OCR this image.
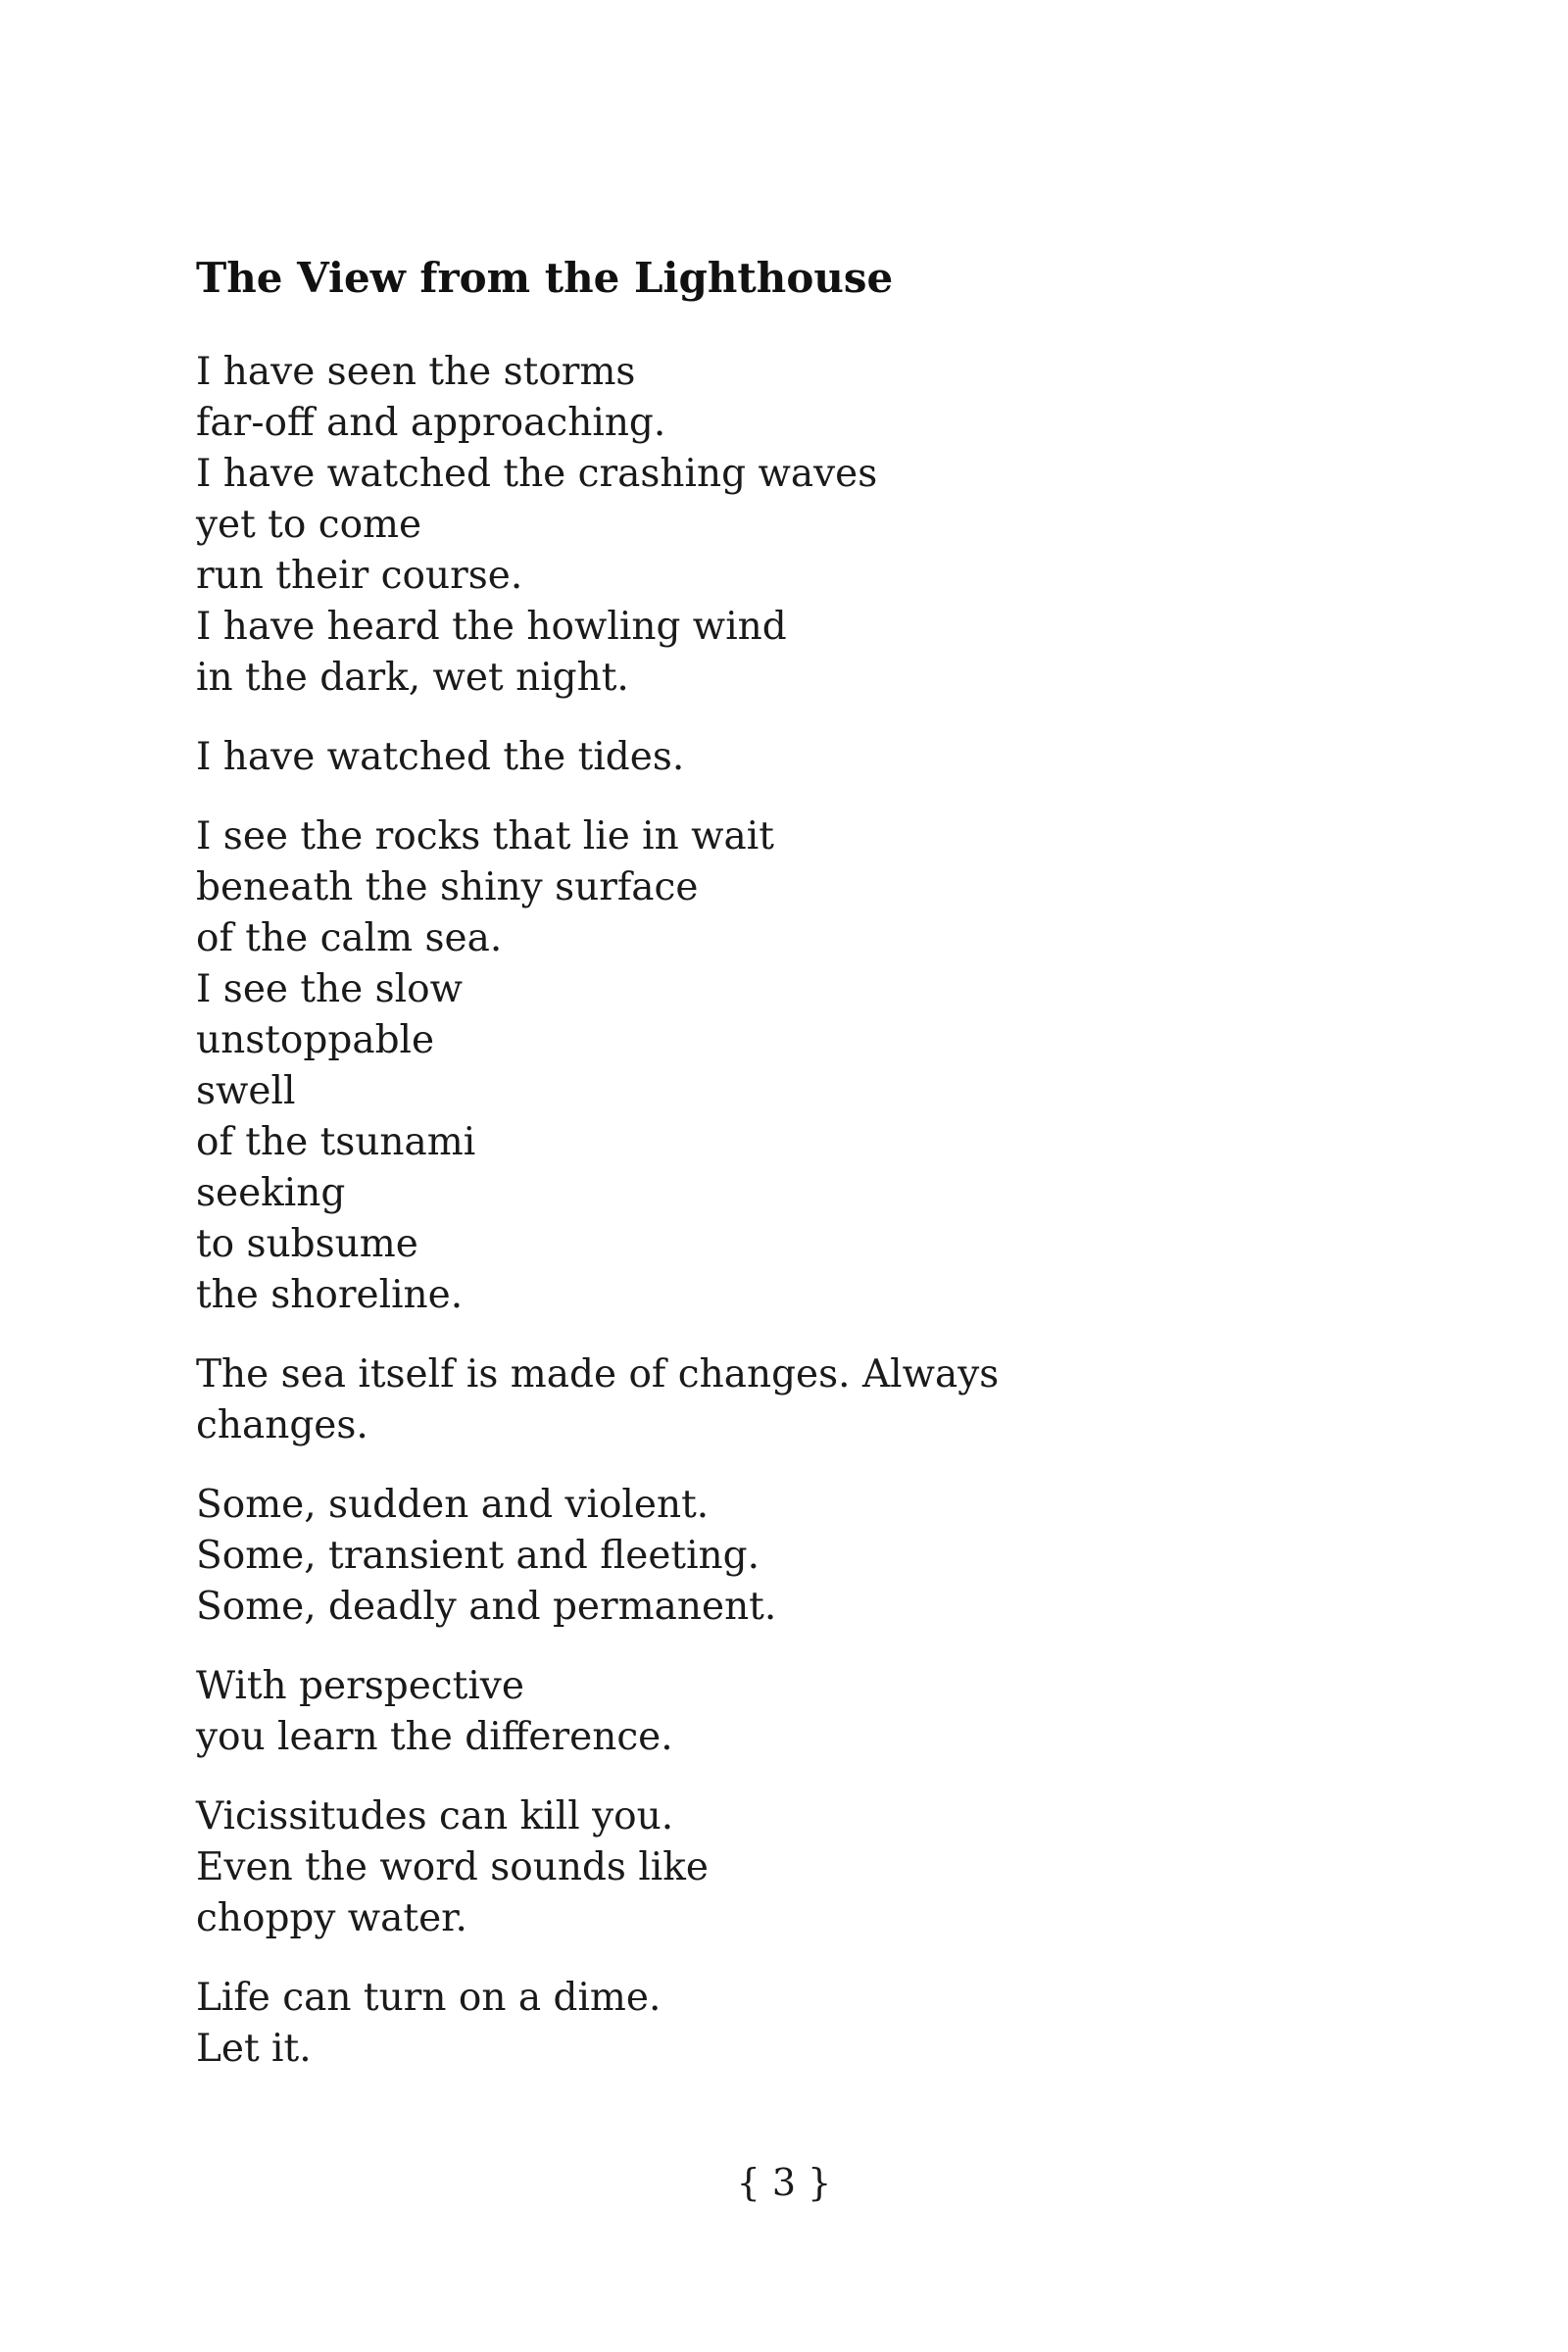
The View from the Lighthouse
I have seen the storms
far-off and approaching.
I have watched the crashing waves
yet to come
run their course.
I have heard the howling wind
in the dark, wet night.
I have watched the tides.
I see the rocks that lie in wait
beneath the shiny surface
of the calm sea.
I see the slow
unstoppable
swell
of the tsunami
seeking
to subsume
the shoreline.
The sea itself is made of changes. Always
changes.
Some, sudden and violent.
Some, transient and fleeting.
Some, deadly and permanent.
With perspective
you learn the difference.
Vicissitudes can kill you.
Even the word sounds like
choppy water.
Life can turn on a dime.
Let it.
{ 3 }
